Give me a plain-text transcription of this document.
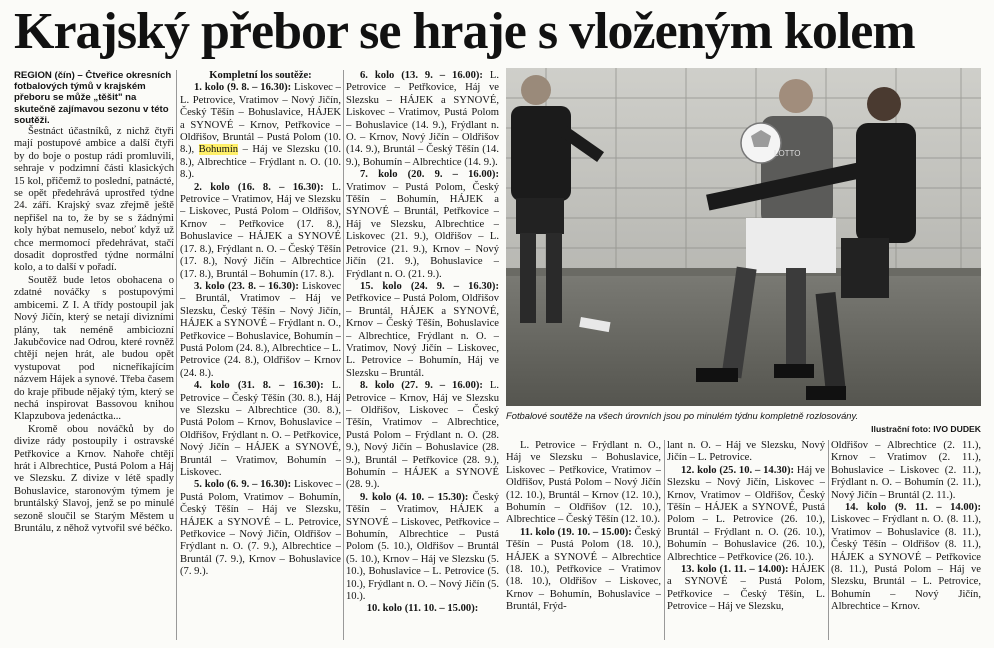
Krajský přebor se hraje s vloženým kolem

REGION (čín) – Čtveřice okresních fotbalových týmů v krajském přeboru se může „těšit" na skutečně zajímavou sezonu v této soutěži.

Šestnáct účastníků, z nichž čtyři mají postupové ambice a další čtyři by do boje o postup rádi promluvili, sehraje v podzimní části klasických 15 kol, přičemž to poslední, patnácté, se opět předehrává uprostřed týdne 24. září. Krajský svaz zřejmě ještě nepřišel na to, že by se s žádnými koly hýbat nemuselo, neboť když už chce mermomocí předehrávat, stačí dosadit doprostřed týdne normální kolo, a to další v pořadí.

Soutěž bude letos obohacena o zdatné nováčky s postupovými ambicemi. Z I. A třídy postoupil jak Nový Jičín, který se netají divizními plány, tak neméně ambiciozní Jakubčovice nad Odrou, které rovněž chtějí nejen hrát, ale budou opět vystupovat pod nicneříkajícím názvem Hájek a synové. Třeba časem do kraje přibude nějaký tým, který se nechá inspirovat Bassovou knihou Klapzubova jedenáctka...

Kromě obou nováčků by do divize rády postoupily i ostravské Petřkovice a Krnov. Nahoře chtějí hrát i Albrechtice, Pustá Polom a Háj ve Slezsku. Z divize v létě spadly Bohuslavice, staronovým týmem je bruntálský Slavoj, jenž se po minulé sezoně sloučil se Starým Městem u Bruntálu, z něhož vytvořil své béčko.

Kompletní los soutěže:

1. kolo (9. 8. – 16.30): Liskovec – L. Petrovice, Vratimov – Nový Jičín, Český Těšín – Bohuslavice, HÁJEK a SYNOVÉ – Krnov, Petřkovice – Oldřišov, Bruntál – Pustá Polom (10. 8.), Bohumín – Háj ve Slezsku (10. 8.), Albrechtice – Frýdlant n. O. (10. 8.).

2. kolo (16. 8. – 16.30): L. Petrovice – Vratimov, Háj ve Slezsku – Liskovec, Pustá Polom – Oldřišov, Krnov – Petřkovice (17. 8.), Bohuslavice – HÁJEK a SYNOVÉ (17. 8.), Frýdlant n. O. – Český Těšín (17. 8.), Nový Jičín – Albrechtice (17. 8.), Bruntál – Bohumín (17. 8.).

3. kolo (23. 8. – 16.30): Liskovec – Bruntál, Vratimov – Háj ve Slezsku, Český Těšín – Nový Jičín, HÁJEK a SYNOVÉ – Frýdlant n. O., Petřkovice – Bohuslavice, Bohumín – Pustá Polom (24. 8.), Albrechtice – L. Petrovice (24. 8.), Oldřišov – Krnov (24. 8.).

4. kolo (31. 8. – 16.30): L. Petrovice – Český Těšín (30. 8.), Háj ve Slezsku – Albrechtice (30. 8.), Pustá Polom – Krnov, Bohuslavice – Oldřišov, Frýdlant n. O. – Petřkovice, Nový Jičín – HÁJEK a SYNOVÉ, Bruntál – Vratimov, Bohumín – Liskovec.

5. kolo (6. 9. – 16.30): Liskovec – Pustá Polom, Vratimov – Bohumín, Český Těšín – Háj ve Slezsku, HÁJEK a SYNOVÉ – L. Petrovice, Petřkovice – Nový Jičín, Oldřišov – Frýdlant n. O. (7. 9.), Albrechtice – Bruntál (7. 9.), Krnov – Bohuslavice (7. 9.).

6. kolo (13. 9. – 16.00): L. Petrovice – Petřkovice, Háj ve Slezsku – HÁJEK a SYNOVÉ, Liskovec – Vratimov, Pustá Polom – Bohuslavice (14. 9.), Frýdlant n. O. – Krnov, Nový Jičín – Oldřišov (14. 9.), Bruntál – Český Těšín (14. 9.), Bohumín – Albrechtice (14. 9.).

7. kolo (20. 9. – 16.00): Vratimov – Pustá Polom, Český Těšín – Bohumín, HÁJEK a SYNOVÉ – Bruntál, Petřkovice – Háj ve Slezsku, Albrechtice – Liskovec (21. 9.), Oldřišov – L. Petrovice (21. 9.), Krnov – Nový Jičín (21. 9.), Bohuslavice – Frýdlant n. O. (21. 9.).

15. kolo (24. 9. – 16.30): Petřkovice – Pustá Polom, Oldřišov – Bruntál, HÁJEK a SYNOVÉ, Krnov – Český Těšín, Bohuslavice – Albrechtice, Frýdlant n. O. – Vratimov, Nový Jičín – Liskovec, L. Petrovice – Bohumín, Háj ve Slezsku – Bruntál.

8. kolo (27. 9. – 16.00): L. Petrovice – Krnov, Háj ve Slezsku – Oldřišov, Liskovec – Český Těšín, Vratimov – Albrechtice, Pustá Polom – Frýdlant n. O. (28. 9.), Nový Jičín – Bohuslavice (28. 9.), Bruntál – Petřkovice (28. 9.), Bohumín – HÁJEK a SYNOVÉ (28. 9.).

9. kolo (4. 10. – 15.30): Český Těšín – Vratimov, HÁJEK a SYNOVÉ – Liskovec, Petřkovice – Bohumín, Albrechtice – Pustá Polom (5. 10.), Oldřišov – Bruntál (5. 10.), Krnov – Háj ve Slezsku (5. 10.), Bohuslavice – L. Petrovice (5. 10.), Frýdlant n. O. – Nový Jičín (5. 10.).

10. kolo (11. 10. – 15.00):

LOTTO
Fotbalové soutěže na všech úrovních jsou po minulém týdnu kompletně rozlosovány.
Ilustrační foto: IVO DUDEK

L. Petrovice – Frýdlant n. O., Háj ve Slezsku – Bohuslavice, Liskovec – Petřkovice, Vratimov – Oldřišov, Pustá Polom – Nový Jičín (12. 10.), Bruntál – Krnov (12. 10.), Bohumín – Oldřišov (12. 10.), Albrechtice – Český Těšín (12. 10.).

11. kolo (19. 10. – 15.00): Český Těšín – Pustá Polom (18. 10.), HÁJEK a SYNOVÉ – Albrechtice (18. 10.), Petřkovice – Vratimov (18. 10.), Oldřišov – Liskovec, Krnov – Bohumín, Bohuslavice – Bruntál, Frýd-

lant n. O. – Háj ve Slezsku, Nový Jičín – L. Petrovice.

12. kolo (25. 10. – 14.30): Háj ve Slezsku – Nový Jičín, Liskovec – Krnov, Vratimov – Oldřišov, Český Těšín – HÁJEK a SYNOVÉ, Pustá Polom – L. Petrovice (26. 10.), Bruntál – Frýdlant n. O. (26. 10.), Bohumín – Bohuslavice (26. 10.), Albrechtice – Petřkovice (26. 10.).

13. kolo (1. 11. – 14.00): HÁJEK a SYNOVÉ – Pustá Polom, Petřkovice – Český Těšín, L. Petrovice – Háj ve Slezsku,

Oldřišov – Albrechtice (2. 11.), Krnov – Vratimov (2. 11.), Bohuslavice – Liskovec (2. 11.), Frýdlant n. O. – Bohumín (2. 11.), Nový Jičín – Bruntál (2. 11.).

14. kolo (9. 11. – 14.00): Liskovec – Frýdlant n. O. (8. 11.), Vratimov – Bohuslavice (8. 11.), Český Těšín – Oldřišov (8. 11.), HÁJEK a SYNOVÉ – Petřkovice (8. 11.), Pustá Polom – Háj ve Slezsku, Bruntál – L. Petrovice, Bohumín – Nový Jičín, Albrechtice – Krnov.
